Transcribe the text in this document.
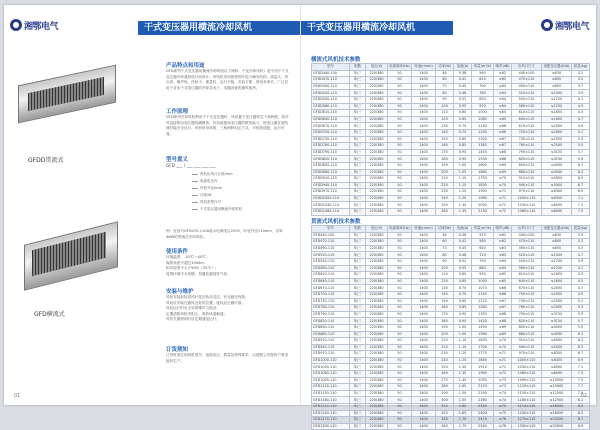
湘鄂电气	干式变压器用横流冷却风机
GFDD贯流式
GFD横流式
产品特点和用途
GFD系列干式变压器用横流冷却风机以下简称：干变冷却风机）是专用于干式变压器冷却通风设计而设计。该风机采用独特的叶轮与蜗壳结构，流量大、风压高、噪声低、体积小、重量轻、运行平稳、安装方便、使用寿命长，广泛应用于各类干式变压器的冷却及电子、电器设备的通风散热。
工作原理
GFD系列冷却风机利用于干式变压器时，风机置于变压器铁芯下面两侧，将冷风直接吹向变压器线圈散热，有效地提高变压器的散热能力，使变压器在超负荷时能安全运行。风机采用单相、三相两种电压方式，可按需选配，运行可靠。
型号意义
GFD ___ / ___ ___ ___ ___
风机出风口长度/mm
电源电压/V
叶轮外径/mm
功率/W
风机类型代号
干式变压器用横流冷却风机
例：变形号GFD470-110A表示电源电压220V，叶轮外径110mm，功率46W的贯流式冷却风机。
使用条件
环境温度：-10℃～40℃；
海拔高度不超过1000m；
相对湿度不大于90%（25℃）；
周围环境中无易燃、易爆及腐蚀性气体。
安装与维护
风机安装前检查风叶是否转动灵活，有无碰壳现象；
风机应安装在通风良好的位置，接线应正确可靠；
风机运行时应无异常噪声与振动；
定期清除风机内积尘，保持风道畅通；
风机长期停用时应定期通电运行。
订货须知
订货时请注明风机型号、电源电压、数量及特殊要求，以便我公司按用户要求组织生产。
01
干式变压器用横流冷却风机	湘鄂电气
横流式风机技术参数
型号	相数	电压(V)	电源频率(Hz)	转速(r/min)	功率(W)	电流(A)	风量(m³/h)	噪声(dB)	出风口尺寸	适配变压器(kVA)	质量(kg)
GFDD440-100	单/三	220/380	50	1400	46	0.38	560	≤62	440×100	≤630	3.2
GFDD470-110	单/三	220/380	50	1400	60	0.42	620	≤62	470×110	≤800	3.5
GFDD490-110	单/三	220/380	50	1400	70	0.45	700	≤63	490×110	≤800	3.7
GFDD520-110	单/三	220/380	50	1400	80	0.48	780	≤63	520×110	≤1000	3.9
GFDD550-110	单/三	220/380	50	1400	90	0.52	850	≤64	550×110	≤1250	4.1
GFDD580-110	单/三	220/380	50	1400	100	0.55	920	≤64	580×110	≤1250	4.3
GFDD610-110	单/三	220/380	50	1400	110	0.60	1000	≤65	610×110	≤1600	4.5
GFDD640-110	单/三	220/380	50	1400	120	0.65	1080	≤65	640×110	≤1600	4.7
GFDD670-110	单/三	220/380	50	1400	130	0.70	1150	≤66	670×110	≤2000	4.9
GFDD700-110	单/三	220/380	50	1400	140	0.75	1230	≤66	700×110	≤2000	5.1
GFDD730-110	单/三	220/380	50	1400	150	0.80	1300	≤67	730×110	≤2500	5.3
GFDD760-110	单/三	220/380	50	1400	160	0.85	1380	≤67	760×110	≤2500	5.5
GFDD790-110	单/三	220/380	50	1400	170	0.90	1450	≤68	790×110	≤3150	5.7
GFDD820-110	单/三	220/380	50	1400	180	0.95	1530	≤68	820×110	≤3150	5.9
GFDD850-110	单/三	220/380	50	1400	190	1.00	1600	≤69	850×110	≤4000	6.1
GFDD880-110	单/三	220/380	50	1400	200	1.05	1680	≤69	880×110	≤4000	6.3
GFDD910-110	单/三	220/380	50	1400	210	1.10	1750	≤70	910×110	≤5000	6.5
GFDD940-110	单/三	220/380	50	1400	220	1.15	1830	≤70	940×110	≤5000	6.7
GFDD970-110	单/三	220/380	50	1400	230	1.20	1900	≤71	970×110	≤6300	6.9
GFDD1000-110	单/三	220/380	50	1400	240	1.25	1980	≤71	1000×110	≤6300	7.1
GFDD1030-110	单/三	220/380	50	1400	250	1.30	2050	≤72	1030×110	≤8000	7.3
GFDD1060-110	单/三	220/380	50	1400	260	1.35	2130	≤72	1060×110	≤8000	7.5
贯流式风机技术参数
型号	相数	电压(V)	电源频率(Hz)	转速(r/min)	功率(W)	电流(A)	风量(m³/h)	噪声(dB)	出风口尺寸	适配变压器(kVA)	质量(kg)
GFD440-100	单/三	220/380	50	1400	46	0.38	520	≤62	440×100	≤630	3.0
GFD470-110	单/三	220/380	50	1400	60	0.42	580	≤62	470×110	≤800	3.3
GFD490-110	单/三	220/380	50	1400	70	0.45	650	≤63	490×110	≤800	3.5
GFD520-110	单/三	220/380	50	1400	80	0.48	720	≤63	520×110	≤1000	3.7
GFD550-110	单/三	220/380	50	1400	90	0.52	790	≤64	550×110	≤1250	3.9
GFD580-110	单/三	220/380	50	1400	100	0.55	860	≤64	580×110	≤1250	4.1
GFD610-110	单/三	220/380	50	1400	110	0.60	930	≤65	610×110	≤1600	4.3
GFD640-110	单/三	220/380	50	1400	120	0.65	1000	≤65	640×110	≤1600	4.5
GFD670-110	单/三	220/380	50	1400	130	0.70	1070	≤66	670×110	≤2000	4.7
GFD700-110	单/三	220/380	50	1400	140	0.75	1140	≤66	700×110	≤2000	4.9
GFD730-110	单/三	220/380	50	1400	150	0.80	1210	≤67	730×110	≤2500	5.1
GFD760-110	单/三	220/380	50	1400	160	0.85	1280	≤67	760×110	≤2500	5.3
GFD790-110	单/三	220/380	50	1400	170	0.90	1350	≤68	790×110	≤3150	5.5
GFD820-110	单/三	220/380	50	1400	180	0.95	1420	≤68	820×110	≤3150	5.7
GFD850-110	单/三	220/380	50	1400	190	1.00	1490	≤69	850×110	≤4000	5.9
GFD880-110	单/三	220/380	50	1400	200	1.05	1560	≤69	880×110	≤4000	6.1
GFD910-110	单/三	220/380	50	1400	210	1.10	1630	≤70	910×110	≤5000	6.3
GFD940-110	单/三	220/380	50	1400	220	1.15	1700	≤70	940×110	≤5000	6.5
GFD970-110	单/三	220/380	50	1400	230	1.20	1770	≤71	970×110	≤6300	6.7
GFD1000-110	单/三	220/380	50	1400	240	1.25	1840	≤71	1000×110	≤6300	6.9
GFD1030-110	单/三	220/380	50	1400	250	1.30	1910	≤72	1030×110	≤8000	7.1
GFD1060-110	单/三	220/380	50	1400	260	1.35	1980	≤72	1060×110	≤8000	7.3
GFD1090-110	单/三	220/380	50	1400	270	1.40	2050	≤73	1090×110	≤10000	7.5
GFD1120-110	单/三	220/380	50	1400	280	1.45	2120	≤73	1120×110	≤10000	7.7
GFD1150-110	单/三	220/380	50	1400	290	1.50	2190	≤74	1150×110	≤12500	7.9
GFD1180-110	单/三	220/380	50	1400	300	1.55	2260	≤74	1180×110	≤12500	8.1
GFD1210-110	单/三	220/380	50	1400	310	1.60	2330	≤75	1210×110	≤16000	8.3
GFD1240-110	单/三	220/380	50	1400	320	1.65	2400	≤75	1240×110	≤16000	8.5
GFD1270-110	单/三	220/380	50	1400	330	1.70	2470	≤76	1270×110	≤20000	8.7
GFD1300-110	单/三	220/380	50	1400	340	1.75	2540	≤76	1300×110	≤20000	8.9
02
